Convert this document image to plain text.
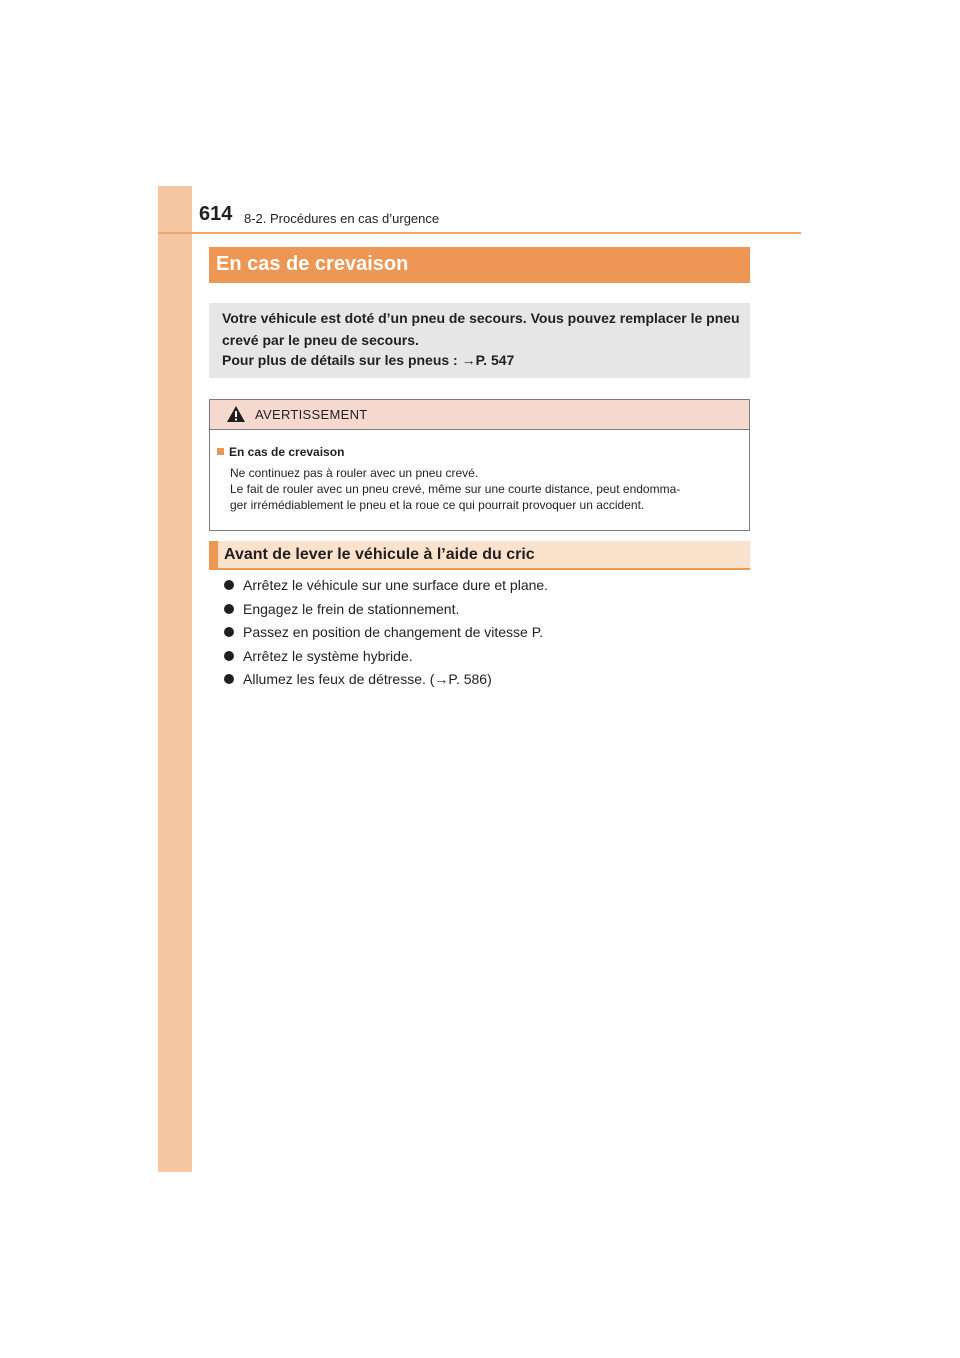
614 8-2. Procédures en cas d’urgence
En cas de crevaison

Votre véhicule est doté d’un pneu de secours. Vous pouvez remplacer le pneu

crevé par le pneu de secours.

Pour plus de détails sur les pneus : →P. 547

AVERTISSEMENT
En cas de crevaison
Ne continuez pas à rouler avec un pneu crevé.
Le fait de rouler avec un pneu crevé, même sur une courte distance, peut endomma-
ger irrémédiablement le pneu et la roue ce qui pourrait provoquer un accident.
Avant de lever le véhicule à l’aide du cric
Arrêtez le véhicule sur une surface dure et plane.
Engagez le frein de stationnement.
Passez en position de changement de vitesse P.
Arrêtez le système hybride.
Allumez les feux de détresse. (→P. 586)
